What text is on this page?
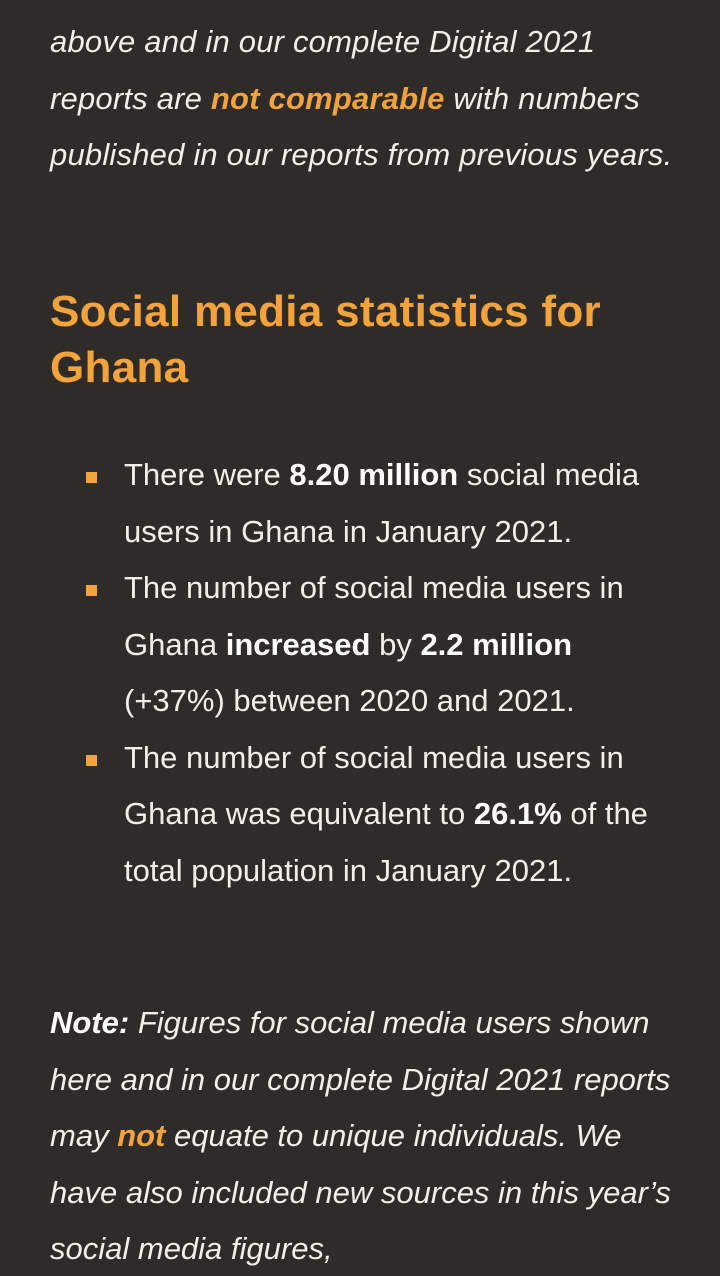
above and in our complete Digital 2021 reports are not comparable with numbers published in our reports from previous years.

Social media statistics for Ghana
There were 8.20 million social media users in Ghana in January 2021.
The number of social media users in Ghana increased by 2.2 million (+37%) between 2020 and 2021.
The number of social media users in Ghana was equivalent to 26.1% of the total population in January 2021.

Note: Figures for social media users shown here and in our complete Digital 2021 reports may not equate to unique individuals. We have also included new sources in this year’s social media figures,
